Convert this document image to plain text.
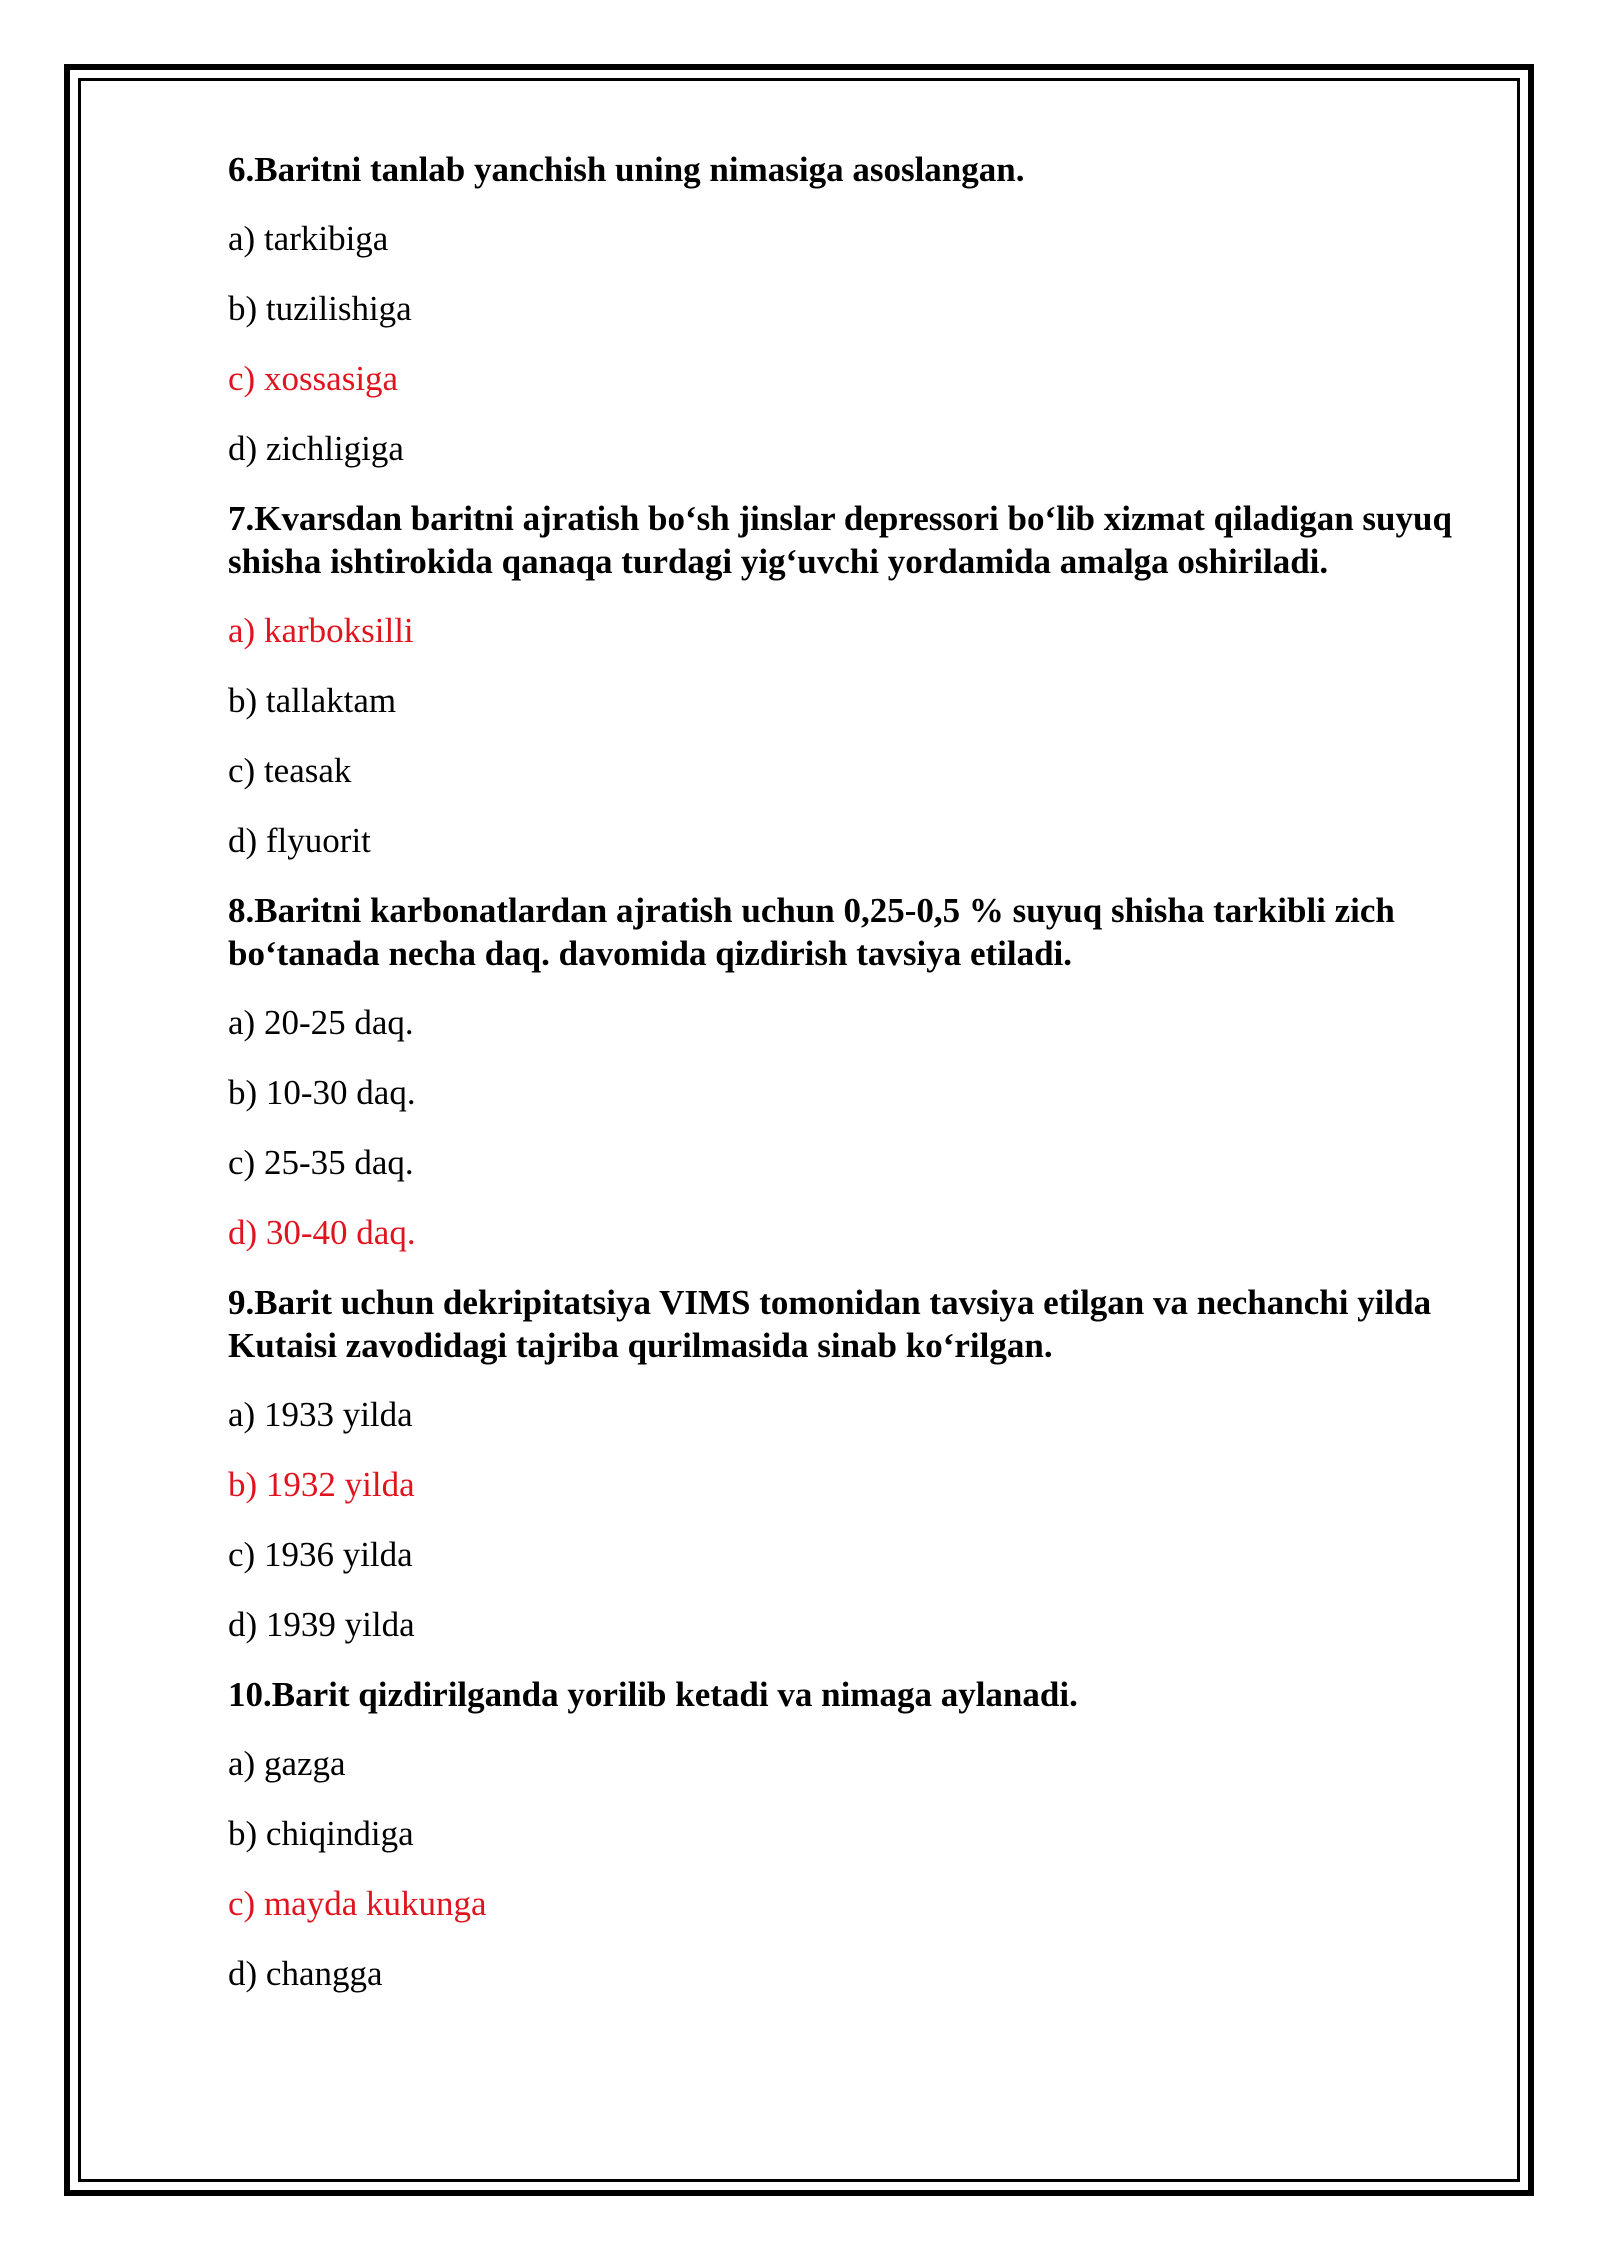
6.Baritni tanlab yanchish uning nimasiga asoslangan.

a) tarkibiga

b) tuzilishiga

c) xossasiga

d) zichligiga

7.Kvarsdan baritni ajratish bo‘sh jinslar depressori bo‘lib xizmat qiladigan suyuq shisha ishtirokida qanaqa turdagi yig‘uvchi yordamida amalga oshiriladi.

a) karboksilli

b) tallaktam

c) teasak

d) flyuorit

8.Baritni karbonatlardan ajratish uchun 0,25-0,5 % suyuq shisha tarkibli zich bo‘tanada necha daq. davomida qizdirish tavsiya etiladi.

a) 20-25 daq.

b) 10-30 daq.

c) 25-35 daq.

d) 30-40 daq.

9.Barit uchun dekripitatsiya VIMS tomonidan tavsiya etilgan va nechanchi yilda Kutaisi zavodidagi tajriba qurilmasida sinab ko‘rilgan.

a) 1933 yilda

b) 1932 yilda

c) 1936 yilda

d) 1939 yilda

10.Barit qizdirilganda yorilib ketadi va nimaga aylanadi.

a) gazga

b) chiqindiga

c) mayda kukunga

d) changga
